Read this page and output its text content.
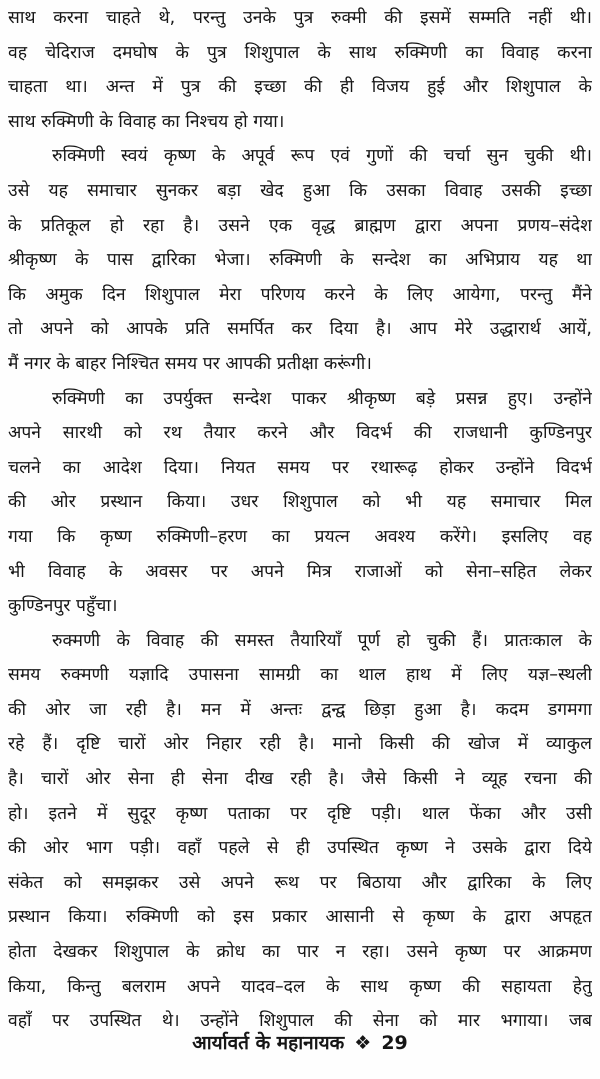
साथ करना चाहते थे, परन्तु उनके पुत्र रुक्मी की इसमें सम्मति नहीं थी।
वह चेदिराज दमघोष के पुत्र शिशुपाल के साथ रुक्मिणी का विवाह करना
चाहता था। अन्त में पुत्र की इच्छा की ही विजय हुई और शिशुपाल के
साथ रुक्मिणी के विवाह का निश्चय हो गया।
रुक्मिणी स्वयं कृष्ण के अपूर्व रूप एवं गुणों की चर्चा सुन चुकी थी।
उसे यह समाचार सुनकर बड़ा खेद हुआ कि उसका विवाह उसकी इच्छा
के प्रतिकूल हो रहा है। उसने एक वृद्ध ब्राह्मण द्वारा अपना प्रणय–संदेश
श्रीकृष्ण के पास द्वारिका भेजा। रुक्मिणी के सन्देश का अभिप्राय यह था
कि अमुक दिन शिशुपाल मेरा परिणय करने के लिए आयेगा, परन्तु मैंने
तो अपने को आपके प्रति समर्पित कर दिया है। आप मेरे उद्धारार्थ आयें,
मैं नगर के बाहर निश्चित समय पर आपकी प्रतीक्षा करूंगी।
रुक्मिणी का उपर्युक्त सन्देश पाकर श्रीकृष्ण बड़े प्रसन्न हुए। उन्होंने
अपने सारथी को रथ तैयार करने और विदर्भ की राजधानी कुण्डिनपुर
चलने का आदेश दिया। नियत समय पर रथारूढ़ होकर उन्होंने विदर्भ
की ओर प्रस्थान किया। उधर शिशुपाल को भी यह समाचार मिल
गया कि कृष्ण रुक्मिणी–हरण का प्रयत्न अवश्य करेंगे। इसलिए वह
भी विवाह के अवसर पर अपने मित्र राजाओं को सेना–सहित लेकर
कुण्डिनपुर पहुँचा।
रुक्मणी के विवाह की समस्त तैयारियाँ पूर्ण हो चुकी हैं। प्रातःकाल के
समय रुक्मणी यज्ञादि उपासना सामग्री का थाल हाथ में लिए यज्ञ–स्थली
की ओर जा रही है। मन में अन्तः द्वन्द्व छिड़ा हुआ है। कदम डगमगा
रहे हैं। दृष्टि चारों ओर निहार रही है। मानो किसी की खोज में व्याकुल
है। चारों ओर सेना ही सेना दीख रही है। जैसे किसी ने व्यूह रचना की
हो। इतने में सुदूर कृष्ण पताका पर दृष्टि पड़ी। थाल फेंका और उसी
की ओर भाग पड़ी। वहाँ पहले से ही उपस्थित कृष्ण ने उसके द्वारा दिये
संकेत को समझकर उसे अपने रूथ पर बिठाया और द्वारिका के लिए
प्रस्थान किया। रुक्मिणी को इस प्रकार आसानी से कृष्ण के द्वारा अपहृत
होता देखकर शिशुपाल के क्रोध का पार न रहा। उसने कृष्ण पर आक्रमण
किया, किन्तु बलराम अपने यादव–दल के साथ कृष्ण की सहायता हेतु
वहाँ पर उपस्थित थे। उन्होंने शिशुपाल की सेना को मार भगाया। जब
आर्यावर्त के महानायक ❖ 29
